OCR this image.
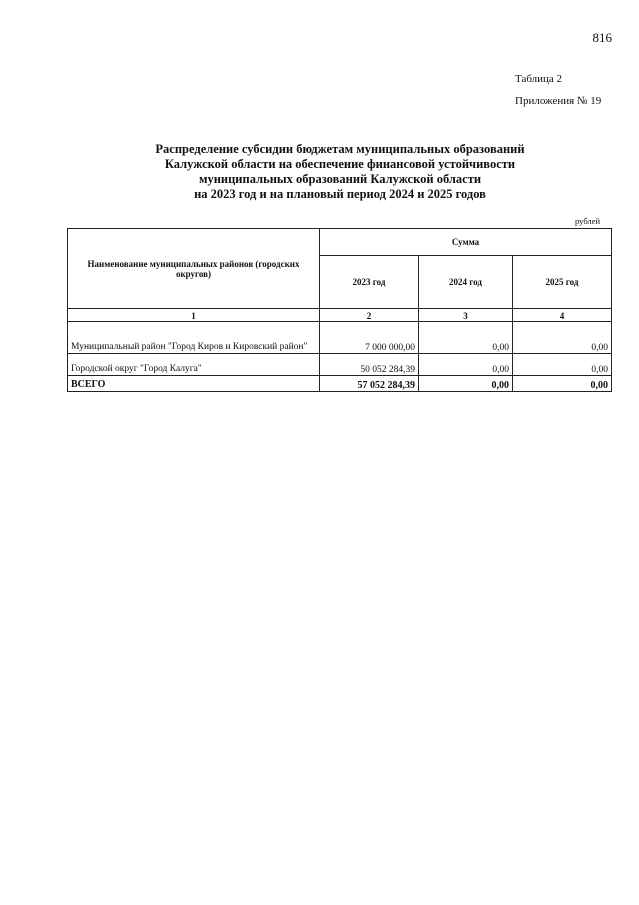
816
Таблица 2
Приложения № 19
Распределение субсидии бюджетам муниципальных образований
Калужской области на обеспечение финансовой устойчивости
муниципальных образований Калужской области
на 2023 год и на плановый период 2024 и 2025 годов
рублей
Наименование муниципальных районов (городских округов)	Сумма		
	2023 год	2024 год	2025 год
1	2	3	4
Муниципальный район "Город Киров и Кировский район"	7 000 000,00	0,00	0,00
Городской округ "Город Калуга"	50 052 284,39	0,00	0,00
ВСЕГО	57 052 284,39	0,00	0,00
